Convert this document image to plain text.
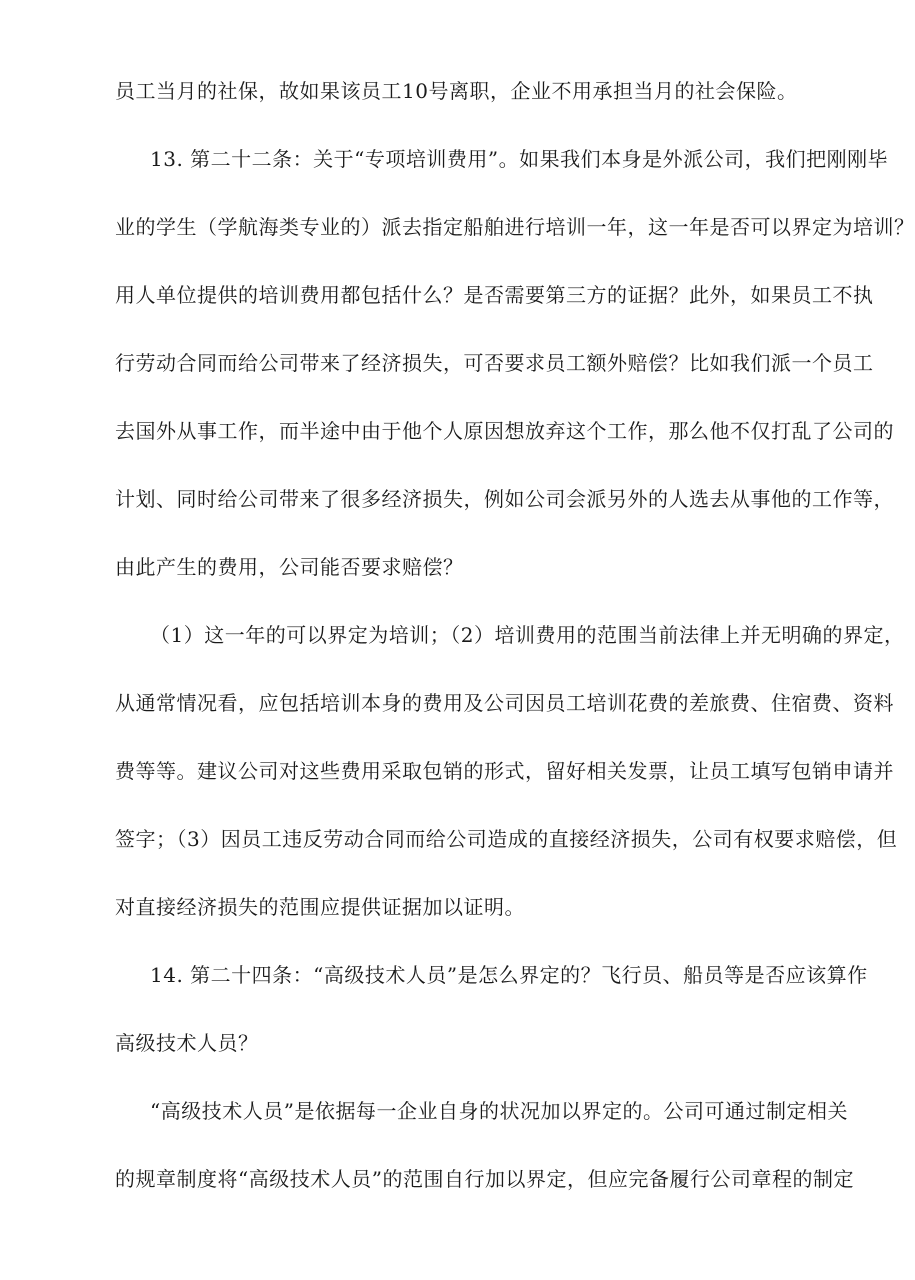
员工当月的社保，故如果该员工10号离职，企业不用承担当月的社会保险。
13. 第二十二条：关于“专项培训费用”。如果我们本身是外派公司，我们把刚刚毕
业的学生（学航海类专业的）派去指定船舶进行培训一年，这一年是否可以界定为培训？
用人单位提供的培训费用都包括什么？是否需要第三方的证据？此外，如果员工不执
行劳动合同而给公司带来了经济损失，可否要求员工额外赔偿？比如我们派一个员工
去国外从事工作，而半途中由于他个人原因想放弃这个工作，那么他不仅打乱了公司的
计划、同时给公司带来了很多经济损失，例如公司会派另外的人选去从事他的工作等，
由此产生的费用，公司能否要求赔偿？
（1）这一年的可以界定为培训；（2）培训费用的范围当前法律上并无明确的界定，
从通常情况看，应包括培训本身的费用及公司因员工培训花费的差旅费、住宿费、资料
费等等。建议公司对这些费用采取包销的形式，留好相关发票，让员工填写包销申请并
签字；（3）因员工违反劳动合同而给公司造成的直接经济损失，公司有权要求赔偿，但
对直接经济损失的范围应提供证据加以证明。
14. 第二十四条：“高级技术人员”是怎么界定的？飞行员、船员等是否应该算作
高级技术人员？
“高级技术人员”是依据每一企业自身的状况加以界定的。公司可通过制定相关
的规章制度将“高级技术人员”的范围自行加以界定，但应完备履行公司章程的制定
